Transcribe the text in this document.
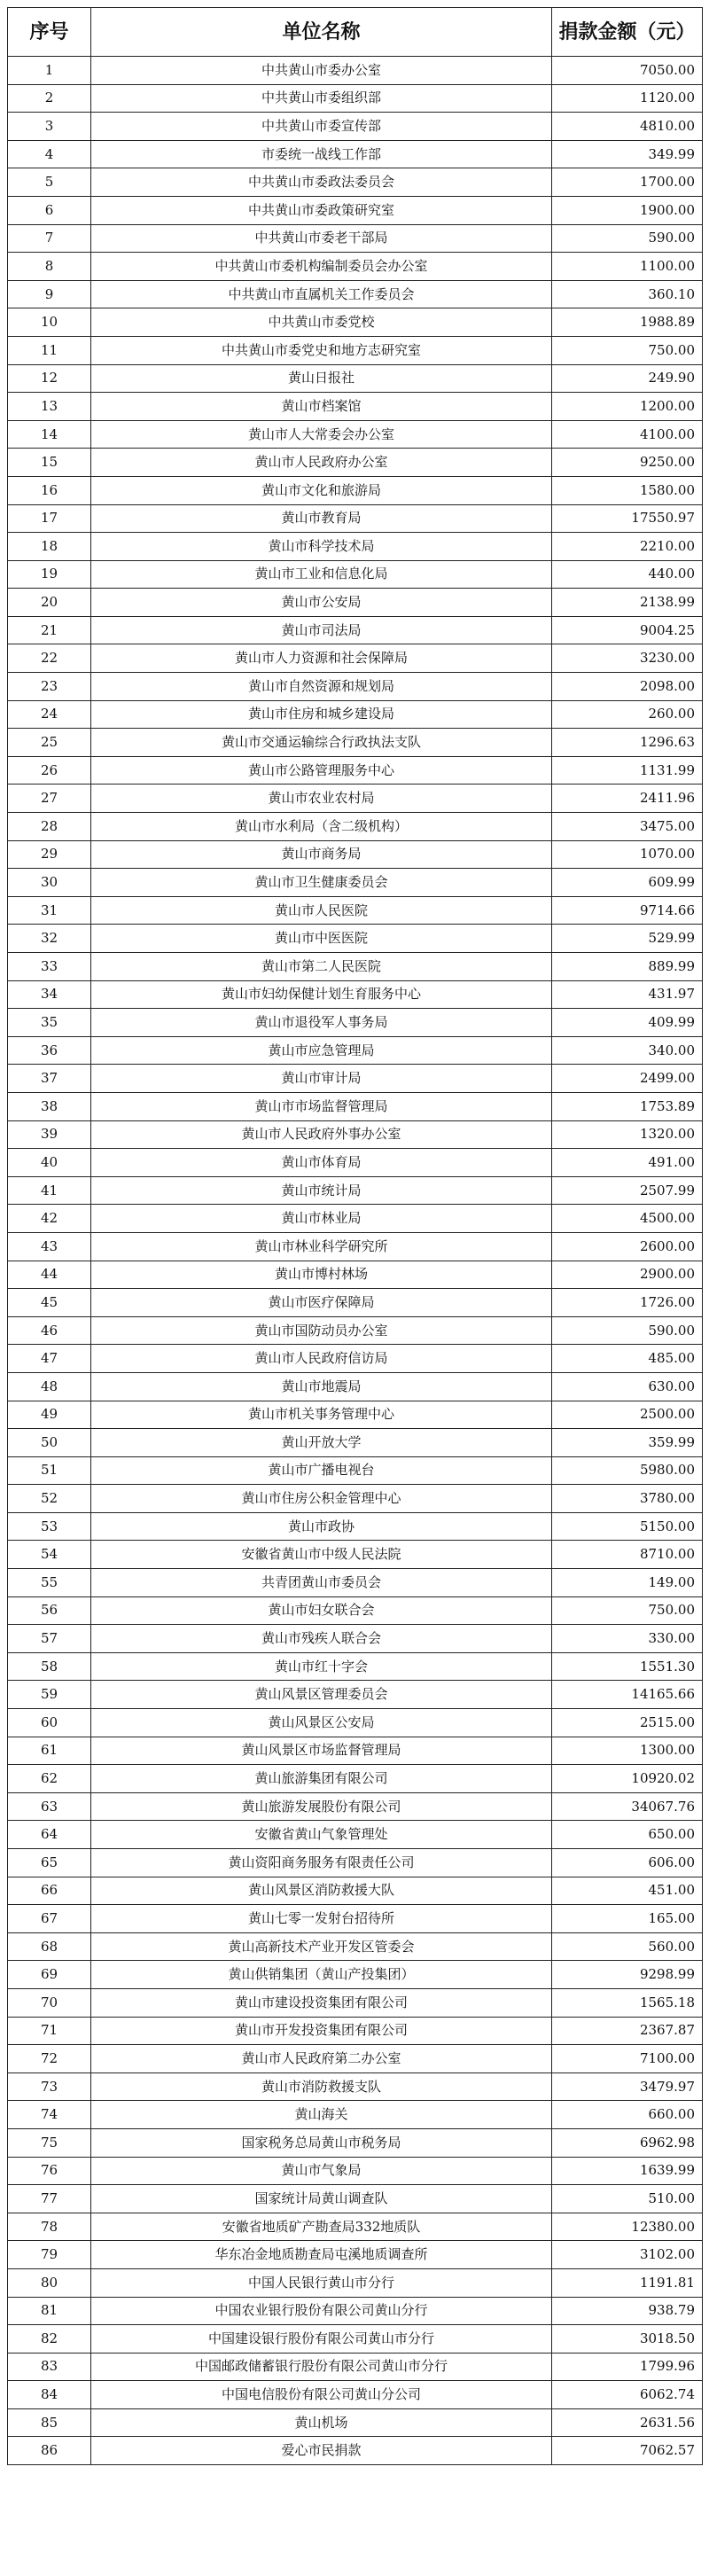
序号	单位名称	捐款金额（元）
1	中共黄山市委办公室	7050.00
2	中共黄山市委组织部	1120.00
3	中共黄山市委宣传部	4810.00
4	市委统一战线工作部	349.99
5	中共黄山市委政法委员会	1700.00
6	中共黄山市委政策研究室	1900.00
7	中共黄山市委老干部局	590.00
8	中共黄山市委机构编制委员会办公室	1100.00
9	中共黄山市直属机关工作委员会	360.10
10	中共黄山市委党校	1988.89
11	中共黄山市委党史和地方志研究室	750.00
12	黄山日报社	249.90
13	黄山市档案馆	1200.00
14	黄山市人大常委会办公室	4100.00
15	黄山市人民政府办公室	9250.00
16	黄山市文化和旅游局	1580.00
17	黄山市教育局	17550.97
18	黄山市科学技术局	2210.00
19	黄山市工业和信息化局	440.00
20	黄山市公安局	2138.99
21	黄山市司法局	9004.25
22	黄山市人力资源和社会保障局	3230.00
23	黄山市自然资源和规划局	2098.00
24	黄山市住房和城乡建设局	260.00
25	黄山市交通运输综合行政执法支队	1296.63
26	黄山市公路管理服务中心	1131.99
27	黄山市农业农村局	2411.96
28	黄山市水利局（含二级机构）	3475.00
29	黄山市商务局	1070.00
30	黄山市卫生健康委员会	609.99
31	黄山市人民医院	9714.66
32	黄山市中医医院	529.99
33	黄山市第二人民医院	889.99
34	黄山市妇幼保健计划生育服务中心	431.97
35	黄山市退役军人事务局	409.99
36	黄山市应急管理局	340.00
37	黄山市审计局	2499.00
38	黄山市市场监督管理局	1753.89
39	黄山市人民政府外事办公室	1320.00
40	黄山市体育局	491.00
41	黄山市统计局	2507.99
42	黄山市林业局	4500.00
43	黄山市林业科学研究所	2600.00
44	黄山市博村林场	2900.00
45	黄山市医疗保障局	1726.00
46	黄山市国防动员办公室	590.00
47	黄山市人民政府信访局	485.00
48	黄山市地震局	630.00
49	黄山市机关事务管理中心	2500.00
50	黄山开放大学	359.99
51	黄山市广播电视台	5980.00
52	黄山市住房公积金管理中心	3780.00
53	黄山市政协	5150.00
54	安徽省黄山市中级人民法院	8710.00
55	共青团黄山市委员会	149.00
56	黄山市妇女联合会	750.00
57	黄山市残疾人联合会	330.00
58	黄山市红十字会	1551.30
59	黄山风景区管理委员会	14165.66
60	黄山风景区公安局	2515.00
61	黄山风景区市场监督管理局	1300.00
62	黄山旅游集团有限公司	10920.02
63	黄山旅游发展股份有限公司	34067.76
64	安徽省黄山气象管理处	650.00
65	黄山资阳商务服务有限责任公司	606.00
66	黄山风景区消防救援大队	451.00
67	黄山七零一发射台招待所	165.00
68	黄山高新技术产业开发区管委会	560.00
69	黄山供销集团（黄山产投集团）	9298.99
70	黄山市建设投资集团有限公司	1565.18
71	黄山市开发投资集团有限公司	2367.87
72	黄山市人民政府第二办公室	7100.00
73	黄山市消防救援支队	3479.97
74	黄山海关	660.00
75	国家税务总局黄山市税务局	6962.98
76	黄山市气象局	1639.99
77	国家统计局黄山调查队	510.00
78	安徽省地质矿产勘查局332地质队	12380.00
79	华东冶金地质勘查局屯溪地质调查所	3102.00
80	中国人民银行黄山市分行	1191.81
81	中国农业银行股份有限公司黄山分行	938.79
82	中国建设银行股份有限公司黄山市分行	3018.50
83	中国邮政储蓄银行股份有限公司黄山市分行	1799.96
84	中国电信股份有限公司黄山分公司	6062.74
85	黄山机场	2631.56
86	爱心市民捐款	7062.57
